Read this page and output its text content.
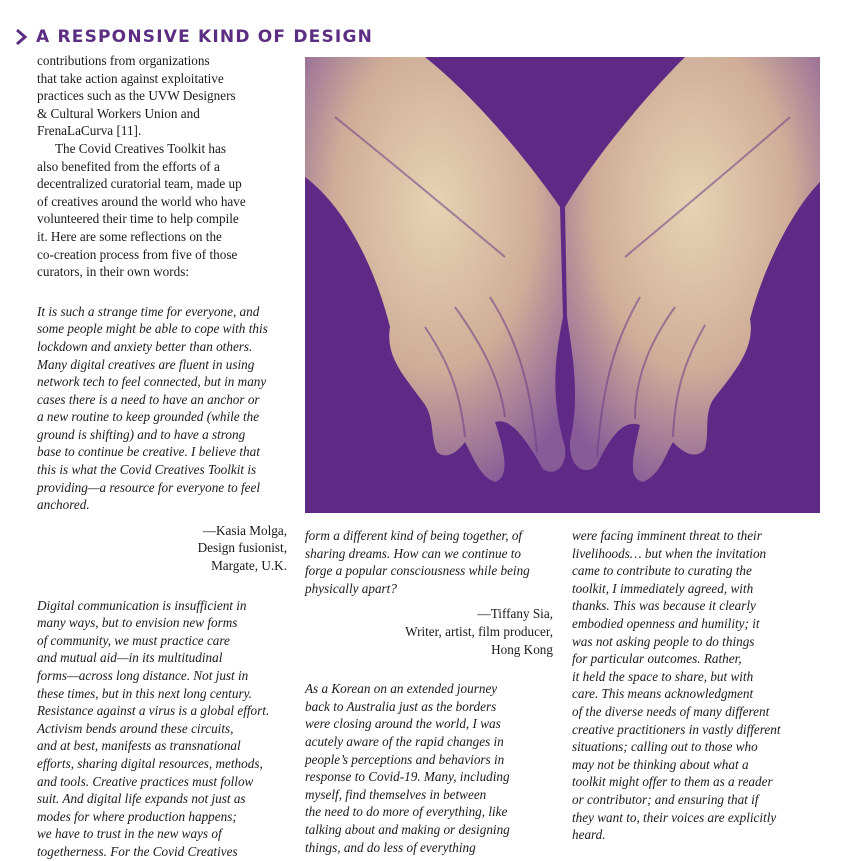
A RESPONSIVE KIND OF DESIGN

contributions from organizations

that take action against exploitative

practices such as the UVW Designers

& Cultural Workers Union and

FrenaLaCurva [11].

The Covid Creatives Toolkit has

also benefited from the efforts of a

decentralized curatorial team, made up

of creatives around the world who have

volunteered their time to help compile

it. Here are some reflections on the

co-creation process from five of those

curators, in their own words:

It is such a strange time for everyone, and

some people might be able to cope with this

lockdown and anxiety better than others.

Many digital creatives are fluent in using

network tech to feel connected, but in many

cases there is a need to have an anchor or

a new routine to keep grounded (while the

ground is shifting) and to have a strong

base to continue be creative. I believe that

this is what the Covid Creatives Toolkit is

providing—a resource for everyone to feel

anchored.

—Kasia Molga,

Design fusionist,

Margate, U.K.

Digital communication is insufficient in

many ways, but to envision new forms

of community, we must practice care

and mutual aid—in its multitudinal

forms—across long distance. Not just in

these times, but in this next long century.

Resistance against a virus is a global effort.

Activism bends around these circuits,

and at best, manifests as transnational

efforts, sharing digital resources, methods,

and tools. Creative practices must follow

suit. And digital life expands not just as

modes for where production happens;

we have to trust in the new ways of

togetherness. For the Covid Creatives

form a different kind of being together, of

sharing dreams. How can we continue to

forge a popular consciousness while being

physically apart?

—Tiffany Sia,

Writer, artist, film producer,

Hong Kong

As a Korean on an extended journey

back to Australia just as the borders

were closing around the world, I was

acutely aware of the rapid changes in

people’s perceptions and behaviors in

response to Covid-19. Many, including

myself, find themselves in between

the need to do more of everything, like

talking about and making or designing

things, and do less of everything

were facing imminent threat to their

livelihoods… but when the invitation

came to contribute to curating the

toolkit, I immediately agreed, with

thanks. This was because it clearly

embodied openness and humility; it

was not asking people to do things

for particular outcomes. Rather,

it held the space to share, but with

care. This means acknowledgment

of the diverse needs of many different

creative practitioners in vastly different

situations; calling out to those who

may not be thinking about what a

toolkit might offer to them as a reader

or contributor; and ensuring that if

they want to, their voices are explicitly

heard.
